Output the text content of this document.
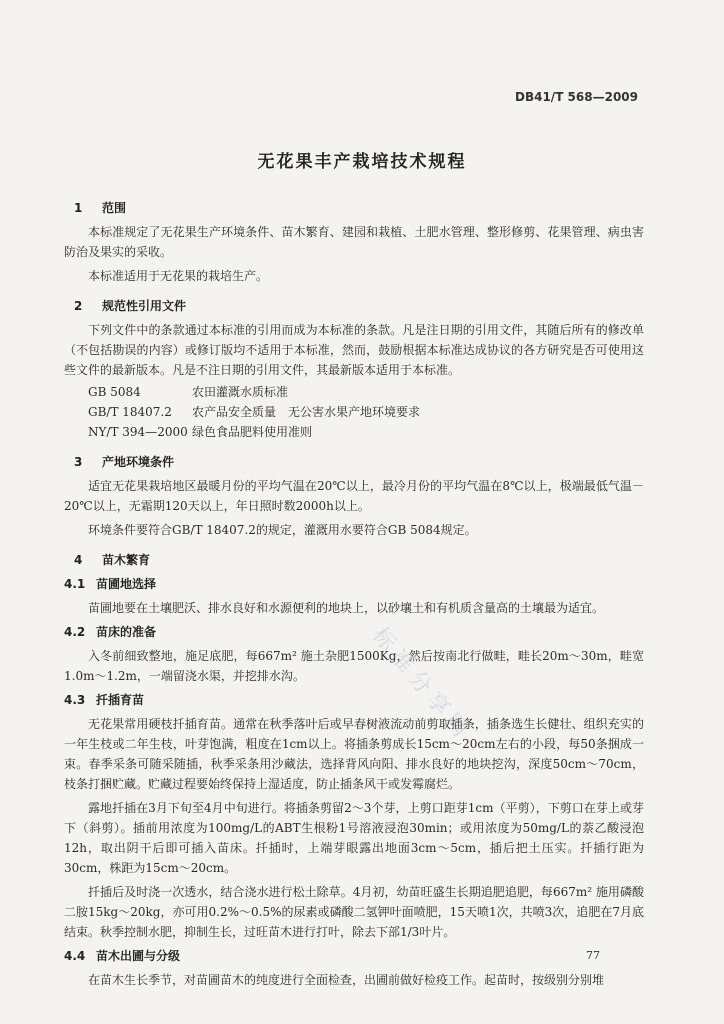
DB41/T 568—2009
无花果丰产栽培技术规程
1 范围

本标准规定了无花果生产环境条件、苗木繁育、建园和栽植、土肥水管理、整形修剪、花果管理、病虫害防治及果实的采收。

本标准适用于无花果的栽培生产。

2 规范性引用文件

下列文件中的条款通过本标准的引用而成为本标准的条款。凡是注日期的引用文件，其随后所有的修改单（不包括勘误的内容）或修订版均不适用于本标准，然而，鼓励根据本标准达成协议的各方研究是否可使用这些文件的最新版本。凡是不注日期的引用文件，其最新版本适用于本标准。

GB 5084	农田灌溉水质标准
GB/T 18407.2	农产品安全质量　无公害水果产地环境要求
NY/T 394—2000 绿色食品肥料使用准则
3 产地环境条件

适宜无花果栽培地区最暖月份的平均气温在20℃以上，最冷月份的平均气温在8℃以上，极端最低气温－20℃以上，无霜期120天以上，年日照时数2000h以上。

环境条件要符合GB/T 18407.2的规定，灌溉用水要符合GB 5084规定。

4 苗木繁育
4.1 苗圃地选择

苗圃地要在土壤肥沃、排水良好和水源便利的地块上，以砂壤土和有机质含量高的土壤最为适宜。

4.2 苗床的准备

入冬前细致整地，施足底肥，每667m² 施土杂肥1500Kg，然后按南北行做畦，畦长20m～30m，畦宽1.0m～1.2m，一端留浇水渠，并挖排水沟。

4.3 扦插育苗

无花果常用硬枝扦插育苗。通常在秋季落叶后或早春树液流动前剪取插条，插条选生长健壮、组织充实的一年生枝或二年生枝，叶芽饱满，粗度在1cm以上。将插条剪成长15cm～20cm左右的小段，每50条捆成一束。春季采条可随采随插，秋季采条用沙藏法，选择背风向阳、排水良好的地块挖沟，深度50cm～70cm，枝条打捆贮藏。贮藏过程要始终保持上湿适度，防止插条风干或发霉腐烂。

露地扦插在3月下旬至4月中旬进行。将插条剪留2～3个芽，上剪口距芽1cm（平剪），下剪口在芽上或芽下（斜剪）。插前用浓度为100mg/L的ABT生根粉1号溶液浸泡30min；或用浓度为50mg/L的萘乙酸浸泡12h，取出阴干后即可插入苗床。扦插时，上端芽眼露出地面3cm～5cm，插后把土压实。扦插行距为30cm，株距为15cm～20cm。

扦插后及时浇一次透水，结合浇水进行松土除草。4月初，幼苗旺盛生长期追肥追肥，每667m² 施用磷酸二胺15kg～20kg，亦可用0.2%～0.5%的尿素或磷酸二氢钾叶面喷肥，15天喷1次，共喷3次，追肥在7月底结束。秋季控制水肥，抑制生长，过旺苗木进行打叶，除去下部1/3叶片。

4.4 苗木出圃与分级

在苗木生长季节，对苗圃苗木的纯度进行全面检查，出圃前做好检疫工作。起苗时，按级别分别堆

标准分享网
77
